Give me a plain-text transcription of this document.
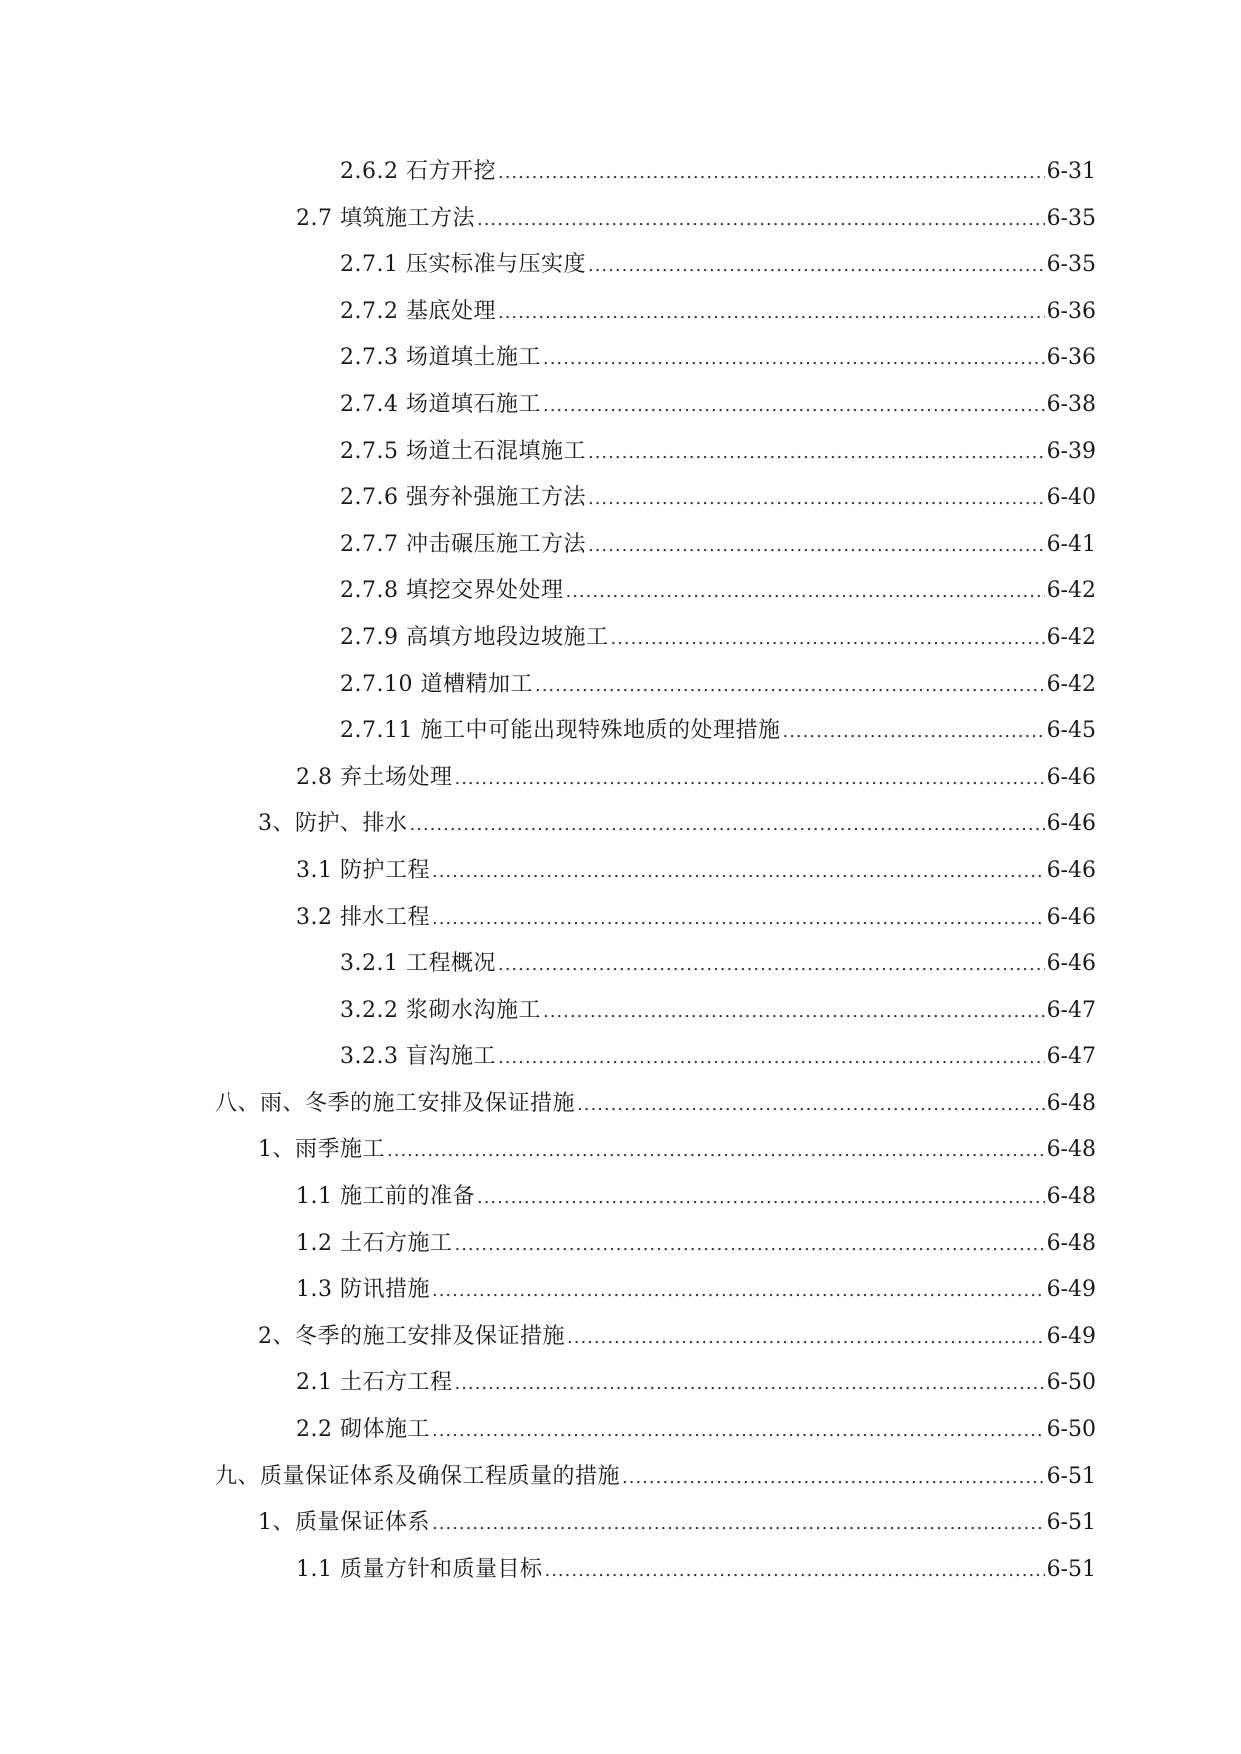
2.6.2 石方开挖 .....	6-31
2.7 填筑施工方法 .....	6-35
2.7.1 压实标准与压实度 .....	6-35
2.7.2 基底处理 .....	6-36
2.7.3 场道填土施工 .....	6-36
2.7.4 场道填石施工 .....	6-38
2.7.5 场道土石混填施工 .....	6-39
2.7.6 强夯补强施工方法 .....	6-40
2.7.7 冲击碾压施工方法 .....	6-41
2.7.8 填挖交界处处理 .....	6-42
2.7.9 高填方地段边坡施工 .....	6-42
2.7.10 道槽精加工 .....	6-42
2.7.11 施工中可能出现特殊地质的处理措施 .....	6-45
2.8 弃土场处理 .....	6-46
3、防护、排水 .....	6-46
3.1 防护工程 .....	6-46
3.2 排水工程 .....	6-46
3.2.1 工程概况 .....	6-46
3.2.2 浆砌水沟施工 .....	6-47
3.2.3 盲沟施工 .....	6-47
八、雨、冬季的施工安排及保证措施 .....	6-48
1、雨季施工 .....	6-48
1.1 施工前的准备 .....	6-48
1.2 土石方施工 .....	6-48
1.3 防讯措施 .....	6-49
2、冬季的施工安排及保证措施 .....	6-49
2.1 土石方工程 .....	6-50
2.2 砌体施工 .....	6-50
九、质量保证体系及确保工程质量的措施 .....	6-51
1、质量保证体系 .....	6-51
1.1 质量方针和质量目标 .....	6-51
